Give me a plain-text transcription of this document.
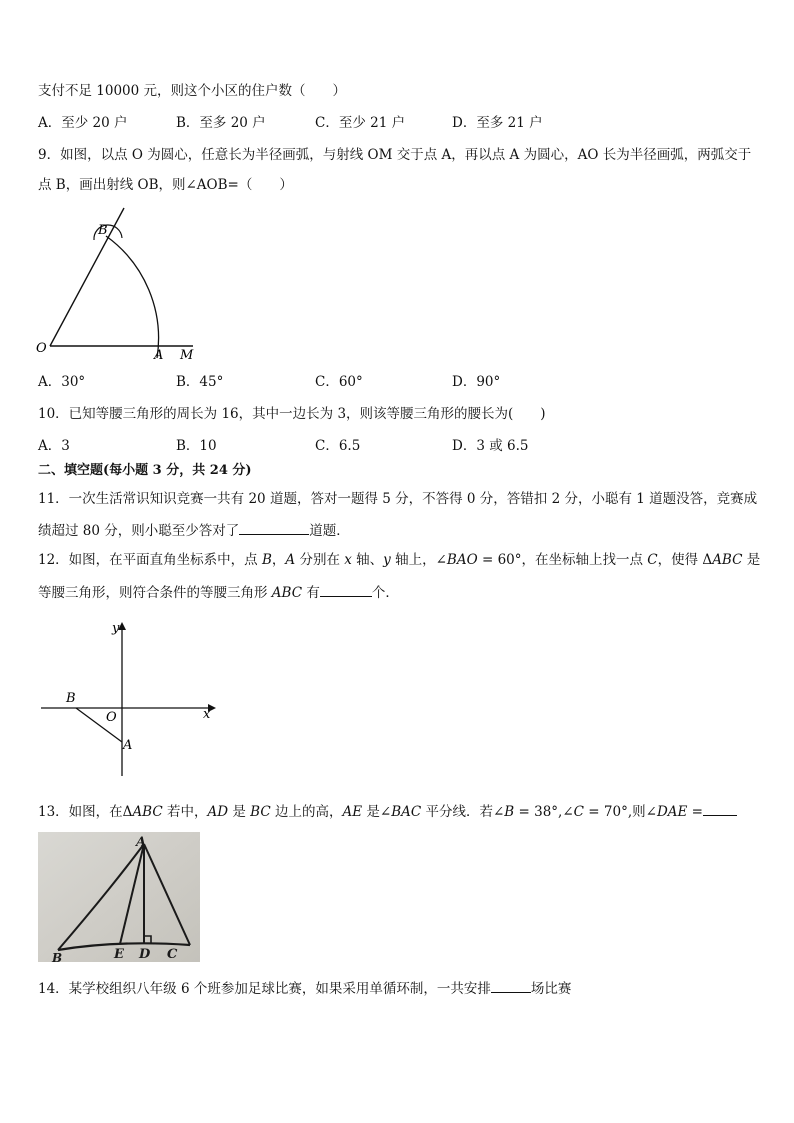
支付不足 10000 元，则这个小区的住户数（　　）
A．至少 20 户	B．至多 20 户	C．至少 21 户	D．至多 21 户
9．如图，以点 O 为圆心，任意长为半径画弧，与射线 OM 交于点 A，再以点 A 为圆心，AO 长为半径画弧，两弧交于
点 B，画出射线 OB，则∠AOB=（　　）
B
O	A M
A．30°	B．45°	C．60°	D．90°
10．已知等腰三角形的周长为 16，其中一边长为 3，则该等腰三角形的腰长为(　　)
A．3	B．10	C．6.5	D．3 或 6.5
二、填空题(每小题 3 分，共 24 分)
11．一次生活常识知识竞赛一共有 20 道题，答对一题得 5 分，不答得 0 分，答错扣 2 分，小聪有 1 道题没答，竞赛成
绩超过 80 分，则小聪至少答对了	道题．
12．如图，在平面直角坐标系中，点 B，A 分别在 x 轴、y 轴上，∠BAO = 60°，在坐标轴上找一点 C，使得 ΔABC 是
等腰三角形，则符合条件的等腰三角形 ABC 有	个．
y
x
B
O
A
13．如图，在ΔABC 若中，AD 是 BC 边上的高，AE 是∠BAC 平分线．若∠B = 38°,∠C = 70°,则∠DAE =
A
B	E D C
14．某学校组织八年级 6 个班参加足球比赛，如果采用单循环制，一共安排	场比赛
